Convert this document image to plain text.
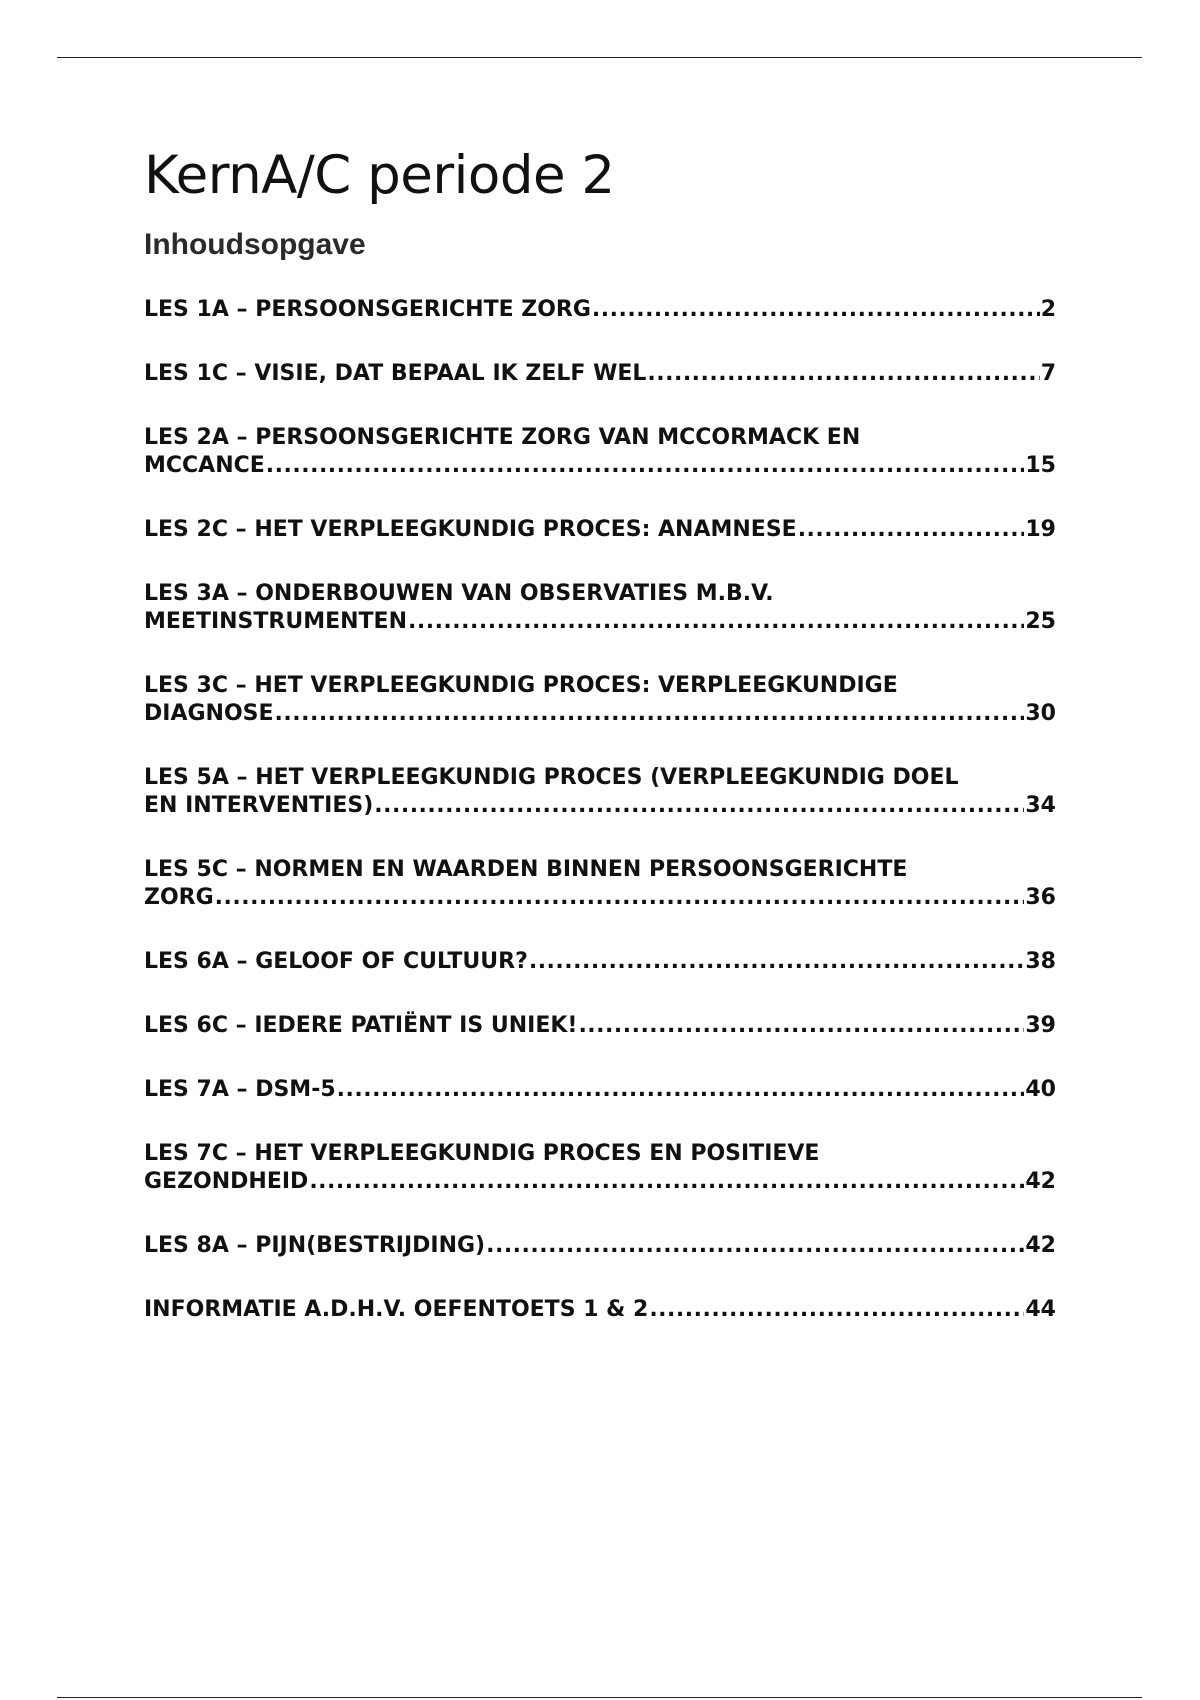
KernA/C periode 2
Inhoudsopgave
LES 1A – PERSOONSGERICHTE ZORG .....	2
LES 1C – VISIE, DAT BEPAAL IK ZELF WEL .....	7
LES 2A – PERSOONSGERICHTE ZORG VAN MCCORMACK EN
MCCANCE .....	15
LES 2C – HET VERPLEEGKUNDIG PROCES: ANAMNESE .....	19
LES 3A – ONDERBOUWEN VAN OBSERVATIES M.B.V.
MEETINSTRUMENTEN .....	25
LES 3C – HET VERPLEEGKUNDIG PROCES: VERPLEEGKUNDIGE
DIAGNOSE .....	30
LES 5A – HET VERPLEEGKUNDIG PROCES (VERPLEEGKUNDIG DOEL
EN INTERVENTIES) .....	34
LES 5C – NORMEN EN WAARDEN BINNEN PERSOONSGERICHTE
ZORG .....	36
LES 6A – GELOOF OF CULTUUR? .....	38
LES 6C – IEDERE PATIËNT IS UNIEK! .....	39
LES 7A – DSM-5 .....	40
LES 7C – HET VERPLEEGKUNDIG PROCES EN POSITIEVE
GEZONDHEID .....	42
LES 8A – PIJN(BESTRIJDING) .....	42
INFORMATIE A.D.H.V. OEFENTOETS 1 & 2 .....	44
